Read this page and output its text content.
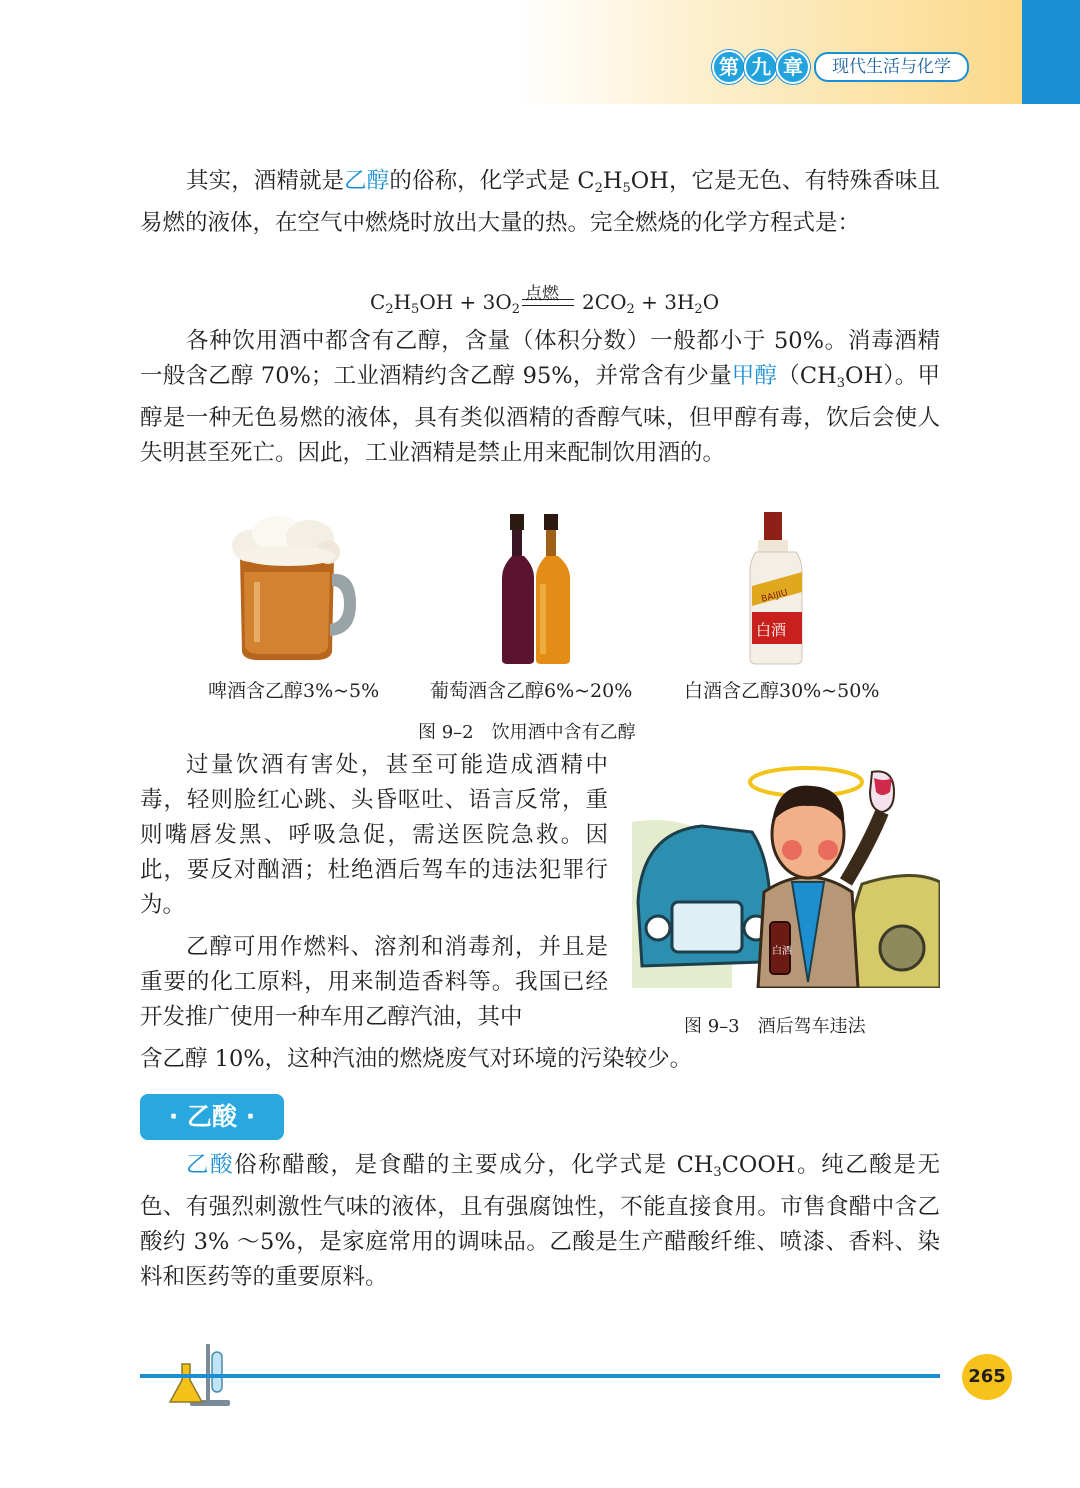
第 九 章	现代生活与化学

其实，酒精就是乙醇的俗称，化学式是 $C_2H_5OH$，它是无色、有特殊香味且易燃的液体，在空气中燃烧时放出大量的热。完全燃烧的化学方程式是：

$C_2H_5OH + 3O_2$	$2CO_2 + 3H_2O$
点燃

各种饮用酒中都含有乙醇，含量（体积分数）一般都小于 50%。消毒酒精一般含乙醇 70%；工业酒精约含乙醇 95%，并常含有少量甲醇$(CH_3OH)$。甲醇是一种无色易燃的液体，具有类似酒精的香醇气味，但甲醇有毒，饮后会使人失明甚至死亡。因此，工业酒精是禁止用来配制饮用酒的。

BAIJIU
白酒
啤酒含乙醇3%~5%	葡萄酒含乙醇6%~20%	白酒含乙醇30%~50%
图 9–2　饮用酒中含有乙醇

过量饮酒有害处，甚至可能造成酒精中毒，轻则脸红心跳、头昏呕吐、语言反常，重则嘴唇发黑、呼吸急促，需送医院急救。因此，要反对酗酒；杜绝酒后驾车的违法犯罪行为。

乙醇可用作燃料、溶剂和消毒剂，并且是重要的化工原料，用来制造香料等。我国已经开发推广使用一种车用乙醇汽油，其中

含乙醇 10%，这种汽油的燃烧废气对环境的污染较少。

白酒
图 9–3　酒后驾车违法
· 乙酸 ·

乙酸俗称醋酸，是食醋的主要成分，化学式是 $CH_3COOH$。纯乙酸是无色、有强烈刺激性气味的液体，且有强腐蚀性，不能直接食用。市售食醋中含乙酸约 3% ～5%，是家庭常用的调味品。乙酸是生产醋酸纤维、喷漆、香料、染料和医药等的重要原料。

265
